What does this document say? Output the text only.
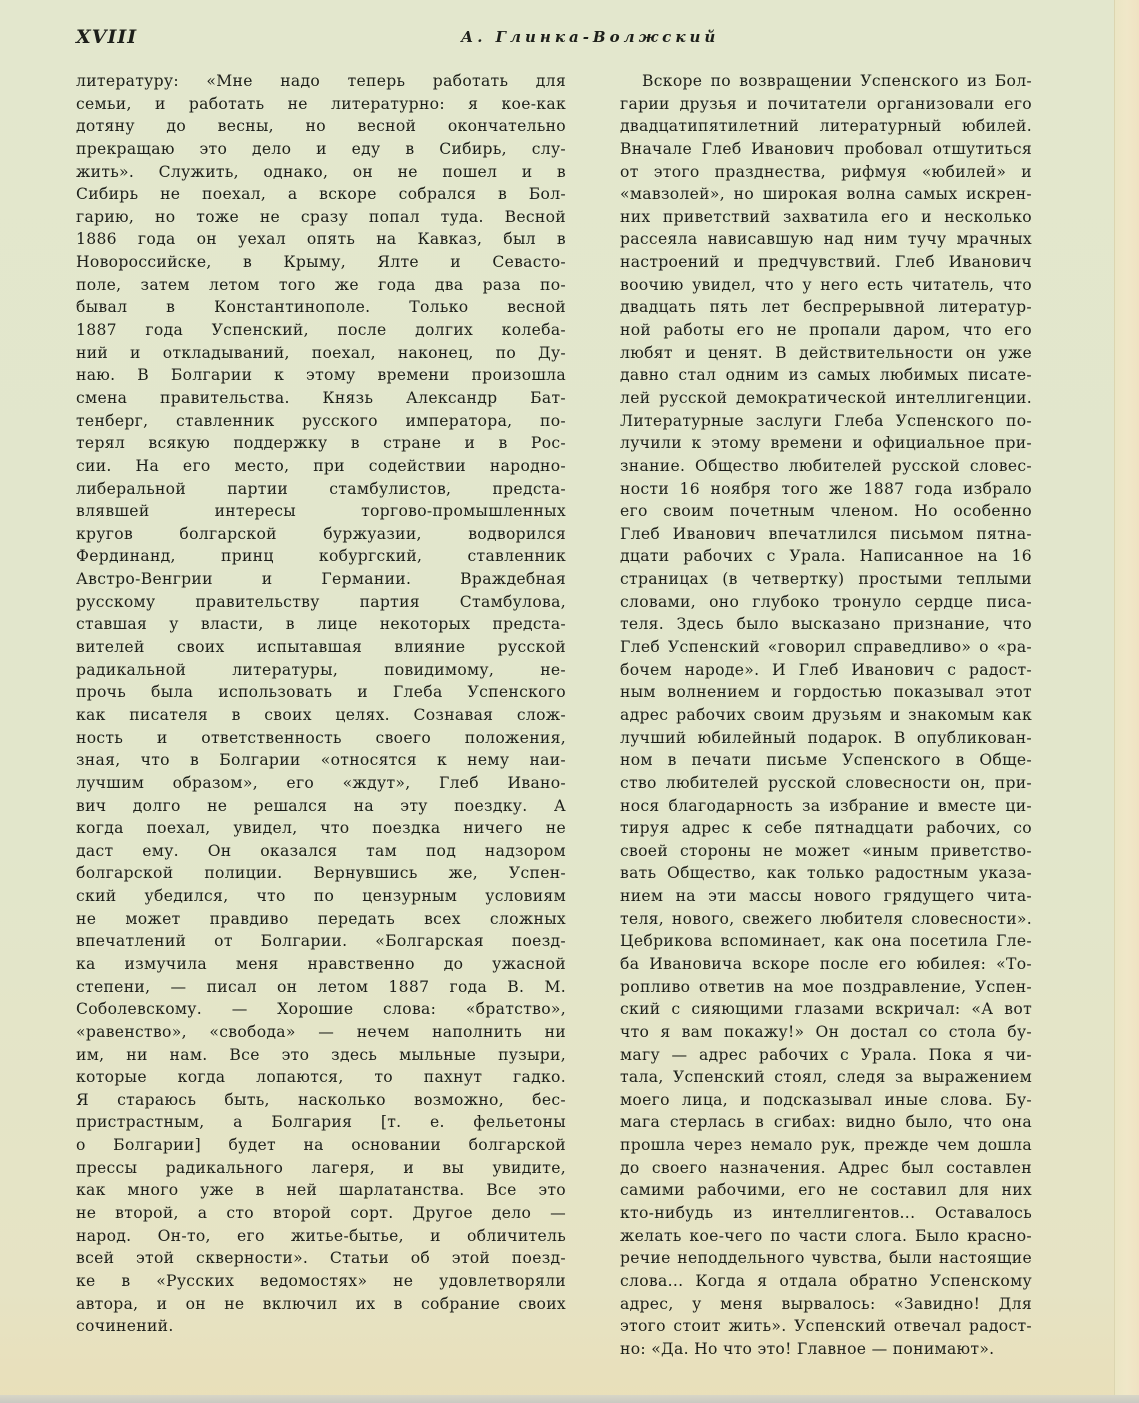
XVIII	А. Глинка-Волжский
литературу: «Мне надо теперь работать для
семьи, и работать не литературно: я кое-как
дотяну до весны, но весной окончательно
прекращаю это дело и еду в Сибирь, слу-
жить». Служить, однако, он не пошел и в
Сибирь не поехал, а вскоре собрался в Бол-
гарию, но тоже не сразу попал туда. Весной
1886 года он уехал опять на Кавказ, был в
Новороссийске, в Крыму, Ялте и Севасто-
поле, затем летом того же года два раза по-
бывал в Константинополе. Только весной
1887 года Успенский, после долгих колеба-
ний и откладываний, поехал, наконец, по Ду-
наю. В Болгарии к этому времени произошла
смена правительства. Князь Александр Бат-
тенберг, ставленник русского императора, по-
терял всякую поддержку в стране и в Рос-
сии. На его место, при содействии народно-
либеральной партии стамбулистов, предста-
влявшей интересы торгово-промышленных
кругов болгарской буржуазии, водворился
Фердинанд, принц кобургский, ставленник
Австро-Венгрии и Германии. Враждебная
русскому правительству партия Стамбулова,
ставшая у власти, в лице некоторых предста-
вителей своих испытавшая влияние русской
радикальной литературы, повидимому, не-
прочь была использовать и Глеба Успенского
как писателя в своих целях. Сознавая слож-
ность и ответственность своего положения,
зная, что в Болгарии «относятся к нему наи-
лучшим образом», его «ждут», Глеб Ивано-
вич долго не решался на эту поездку. А
когда поехал, увидел, что поездка ничего не
даст ему. Он оказался там под надзором
болгарской полиции. Вернувшись же, Успен-
ский убедился, что по цензурным условиям
не может правдиво передать всех сложных
впечатлений от Болгарии. «Болгарская поезд-
ка измучила меня нравственно до ужасной
степени, — писал он летом 1887 года В. М.
Соболевскому. — Хорошие слова: «братство»,
«равенство», «свобода» — нечем наполнить ни
им, ни нам. Все это здесь мыльные пузыри,
которые когда лопаются, то пахнут гадко.
Я стараюсь быть, насколько возможно, бес-
пристрастным, а Болгария [т. е. фельетоны
о Болгарии] будет на основании болгарской
прессы радикального лагеря, и вы увидите,
как много уже в ней шарлатанства. Все это
не второй, а сто второй сорт. Другое дело —
народ. Он-то, его житье-бытье, и обличитель
всей этой скверности». Статьи об этой поезд-
ке в «Русских ведомостях» не удовлетворяли
автора, и он не включил их в собрание своих
сочинений.
Вскоре по возвращении Успенского из Бол-
гарии друзья и почитатели организовали его
двадцатипятилетний литературный юбилей.
Вначале Глеб Иванович пробовал отшутиться
от этого празднества, рифмуя «юбилей» и
«мавзолей», но широкая волна самых искрен-
них приветствий захватила его и несколько
рассеяла нависавшую над ним тучу мрачных
настроений и предчувствий. Глеб Иванович
воочию увидел, что у него есть читатель, что
двадцать пять лет беспрерывной литератур-
ной работы его не пропали даром, что его
любят и ценят. В действительности он уже
давно стал одним из самых любимых писате-
лей русской демократической интеллигенции.
Литературные заслуги Глеба Успенского по-
лучили к этому времени и официальное при-
знание. Общество любителей русской словес-
ности 16 ноября того же 1887 года избрало
его своим почетным членом. Но особенно
Глеб Иванович впечатлился письмом пятна-
дцати рабочих с Урала. Написанное на 16
страницах (в четвертку) простыми теплыми
словами, оно глубоко тронуло сердце писа-
теля. Здесь было высказано признание, что
Глеб Успенский «говорил справедливо» о «ра-
бочем народе». И Глеб Иванович с радост-
ным волнением и гордостью показывал этот
адрес рабочих своим друзьям и знакомым как
лучший юбилейный подарок. В опубликован-
ном в печати письме Успенского в Обще-
ство любителей русской словесности он, при-
нося благодарность за избрание и вместе ци-
тируя адрес к себе пятнадцати рабочих, со
своей стороны не может «иным приветство-
вать Общество, как только радостным указа-
нием на эти массы нового грядущего чита-
теля, нового, свежего любителя словесности».
Цебрикова вспоминает, как она посетила Гле-
ба Ивановича вскоре после его юбилея: «То-
ропливо ответив на мое поздравление, Успен-
ский с сияющими глазами вскричал: «А вот
что я вам покажу!» Он достал со стола бу-
магу — адрес рабочих с Урала. Пока я чи-
тала, Успенский стоял, следя за выражением
моего лица, и подсказывал иные слова. Бу-
мага стерлась в сгибах: видно было, что она
прошла через немало рук, прежде чем дошла
до своего назначения. Адрес был составлен
самими рабочими, его не составил для них
кто-нибудь из интеллигентов... Оставалось
желать кое-чего по части слога. Было красно-
речие неподдельного чувства, были настоящие
слова... Когда я отдала обратно Успенскому
адрес, у меня вырвалось: «Завидно! Для
этого стоит жить». Успенский отвечал радост-
но: «Да. Но что это! Главное — понимают».
